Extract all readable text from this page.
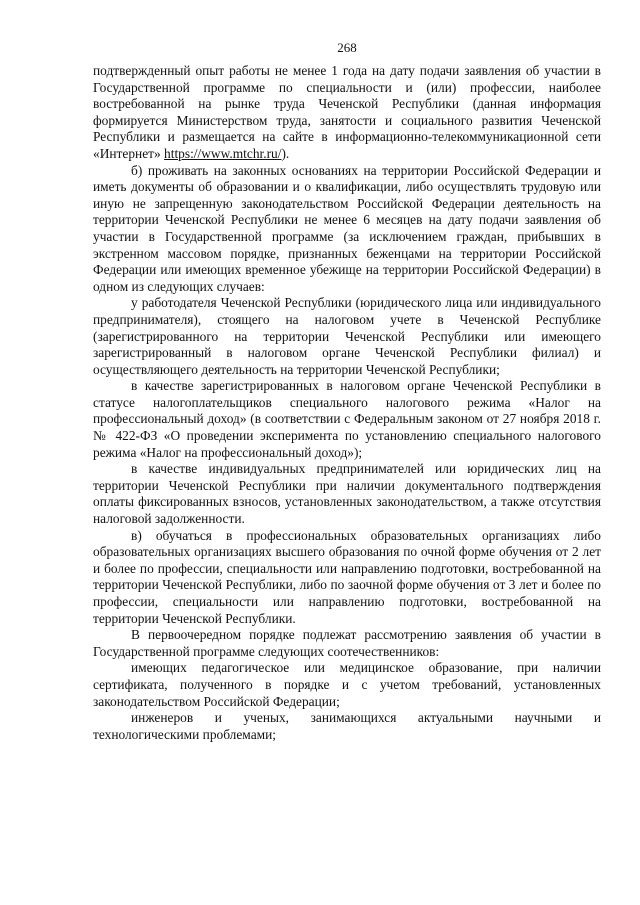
268

подтвержденный опыт работы не менее 1 года на дату подачи заявления об участии в Государственной программе по специальности и (или) профессии, наиболее востребованной на рынке труда Чеченской Республики (данная информация формируется Министерством труда, занятости и социального развития Чеченской Республики и размещается на сайте в информационно-телекоммуникационной сети «Интернет» https://www.mtchr.ru/).

б) проживать на законных основаниях на территории Российской Федерации и иметь документы об образовании и о квалификации, либо осуществлять трудовую или иную не запрещенную законодательством Российской Федерации деятельность на территории Чеченской Республики не менее 6 месяцев на дату подачи заявления об участии в Государственной программе (за исключением граждан, прибывших в экстренном массовом порядке, признанных беженцами на территории Российской Федерации или имеющих временное убежище на территории Российской Федерации) в одном из следующих случаев:

у работодателя Чеченской Республики (юридического лица или индивидуального предпринимателя), стоящего на налоговом учете в Чеченской Республике (зарегистрированного на территории Чеченской Республики или имеющего зарегистрированный в налоговом органе Чеченской Республики филиал) и осуществляющего деятельность на территории Чеченской Республики;

в качестве зарегистрированных в налоговом органе Чеченской Республики в статусе налогоплательщиков специального налогового режима «Налог на профессиональный доход» (в соответствии с Федеральным законом от 27 ноября 2018 г. № 422-ФЗ «О проведении эксперимента по установлению специального налогового режима «Налог на профессиональный доход»);

в качестве индивидуальных предпринимателей или юридических лиц на территории Чеченской Республики при наличии документального подтверждения оплаты фиксированных взносов, установленных законодательством, а также отсутствия налоговой задолженности.

в) обучаться в профессиональных образовательных организациях либо образовательных организациях высшего образования по очной форме обучения от 2 лет и более по профессии, специальности или направлению подготовки, востребованной на территории Чеченской Республики, либо по заочной форме обучения от 3 лет и более по профессии, специальности или направлению подготовки, востребованной на территории Чеченской Республики.

В первоочередном порядке подлежат рассмотрению заявления об участии в Государственной программе следующих соотечественников:

имеющих педагогическое или медицинское образование, при наличии сертификата, полученного в порядке и с учетом требований, установленных законодательством Российской Федерации;

инженеров и ученых, занимающихся актуальными научными и технологическими проблемами;
